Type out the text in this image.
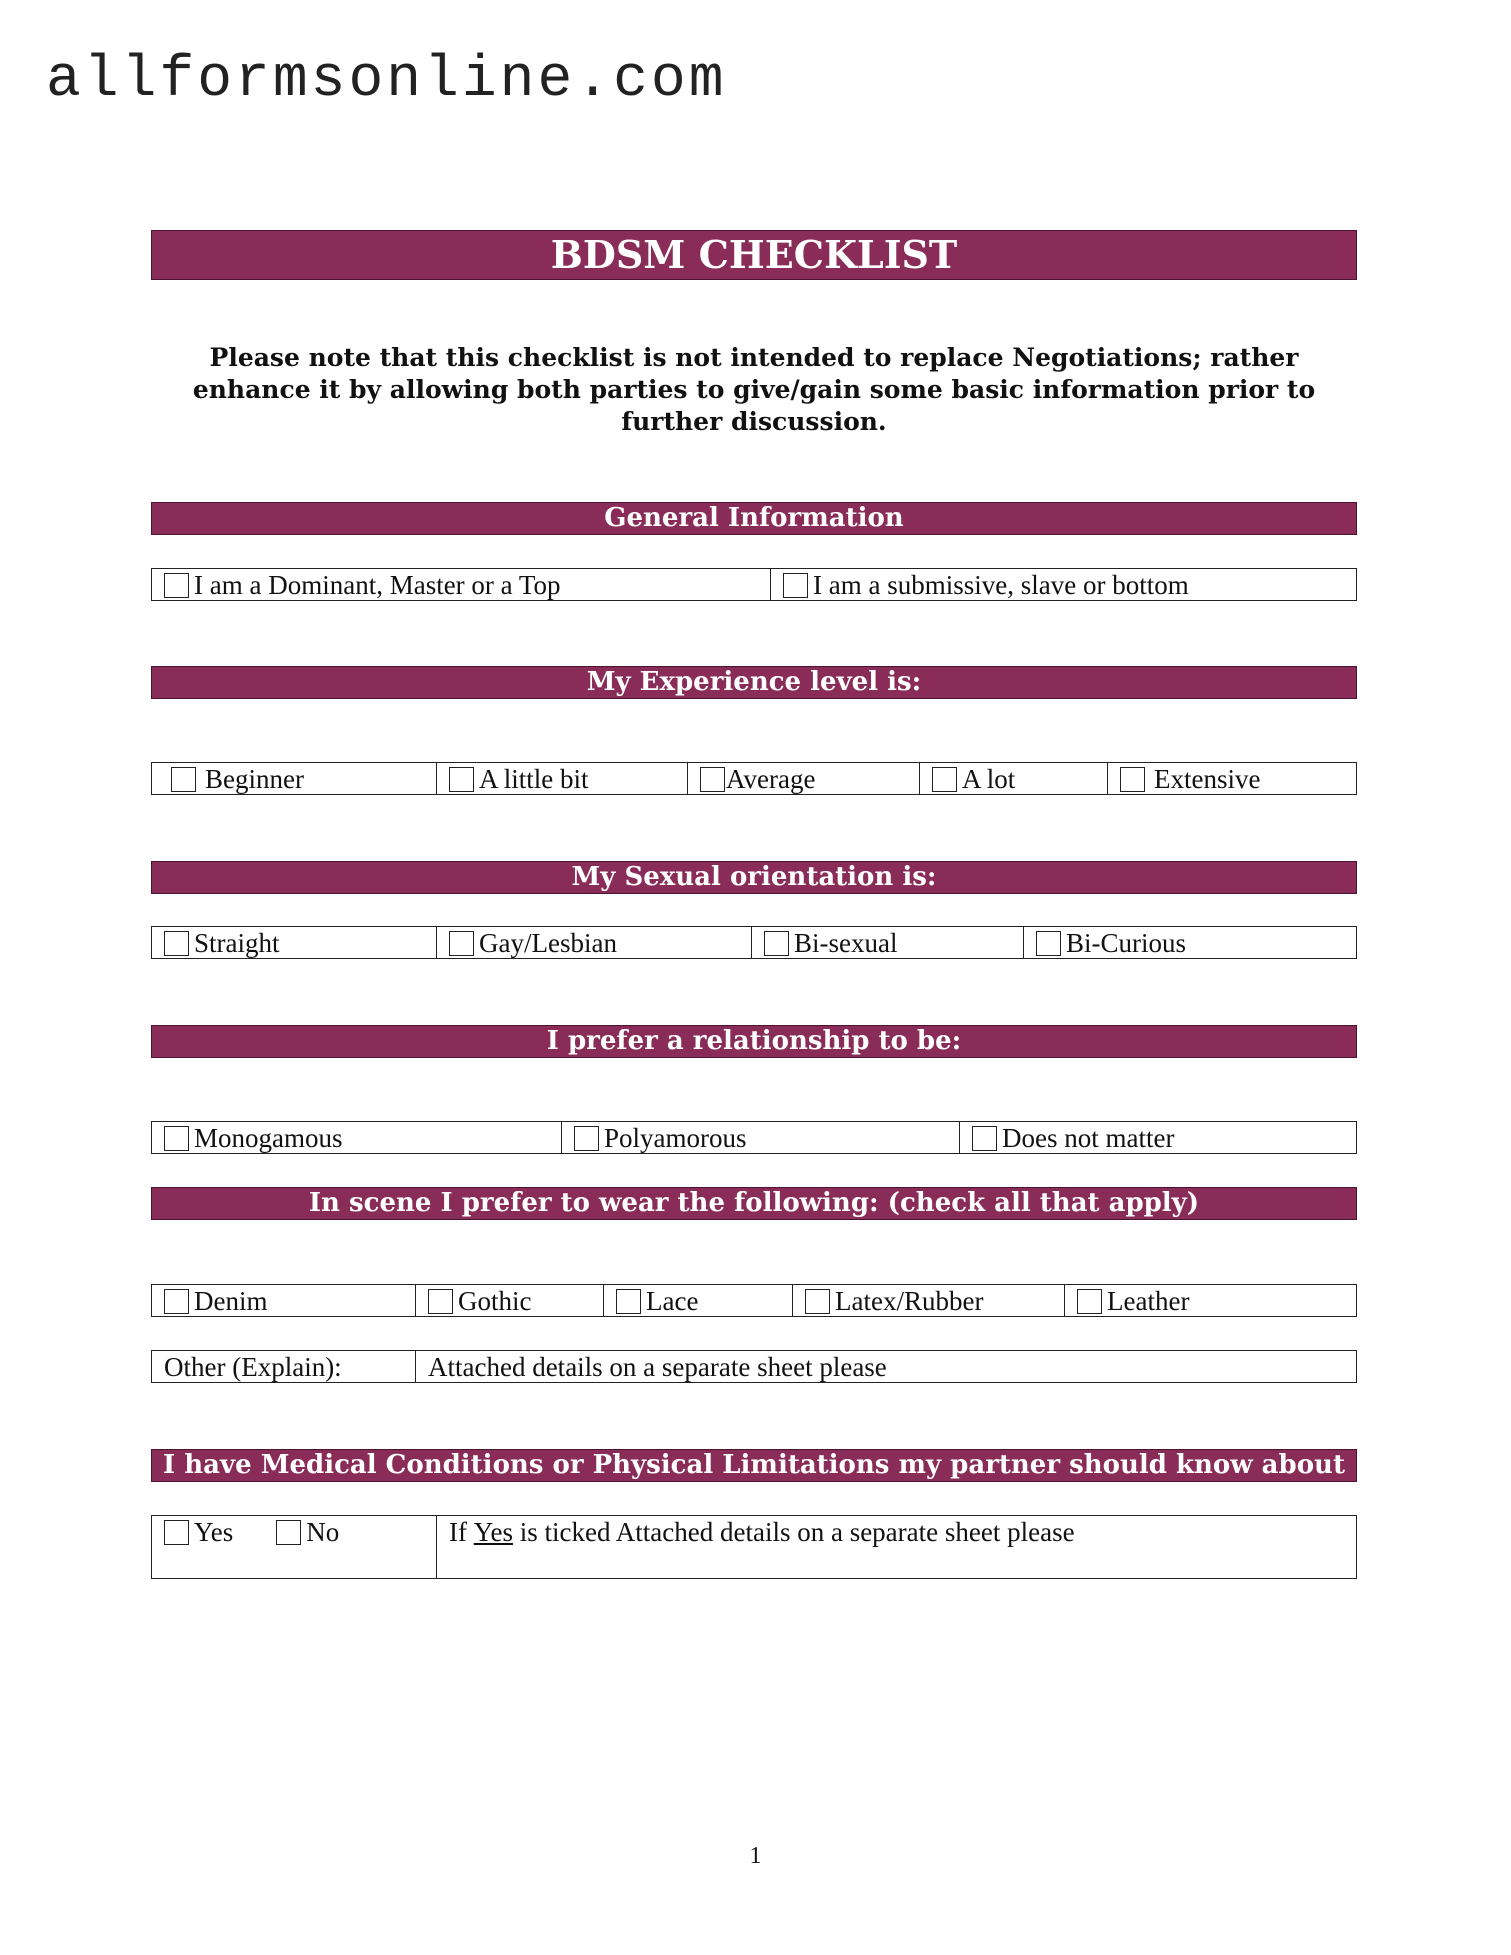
allformsonline.com
BDSM CHECKLIST
Please note that this checklist is not intended to replace Negotiations; rather enhance it by allowing both parties to give/gain some basic information prior to further discussion.
General Information
I am a Dominant, Master or a Top	I am a submissive, slave or bottom
My Experience level is:
Beginner	A little bit	Average	A lot	Extensive
My Sexual orientation is:
Straight	Gay/Lesbian	Bi-sexual	Bi-Curious
I prefer a relationship to be:
Monogamous	Polyamorous	Does not matter
In scene I prefer to wear the following: (check all that apply)
Denim	Gothic	Lace	Latex/Rubber	Leather
Other (Explain):	Attached details on a separate sheet please
I have Medical Conditions or Physical Limitations my partner should know about
Yes	No	If Yes is ticked Attached details on a separate sheet please
1
